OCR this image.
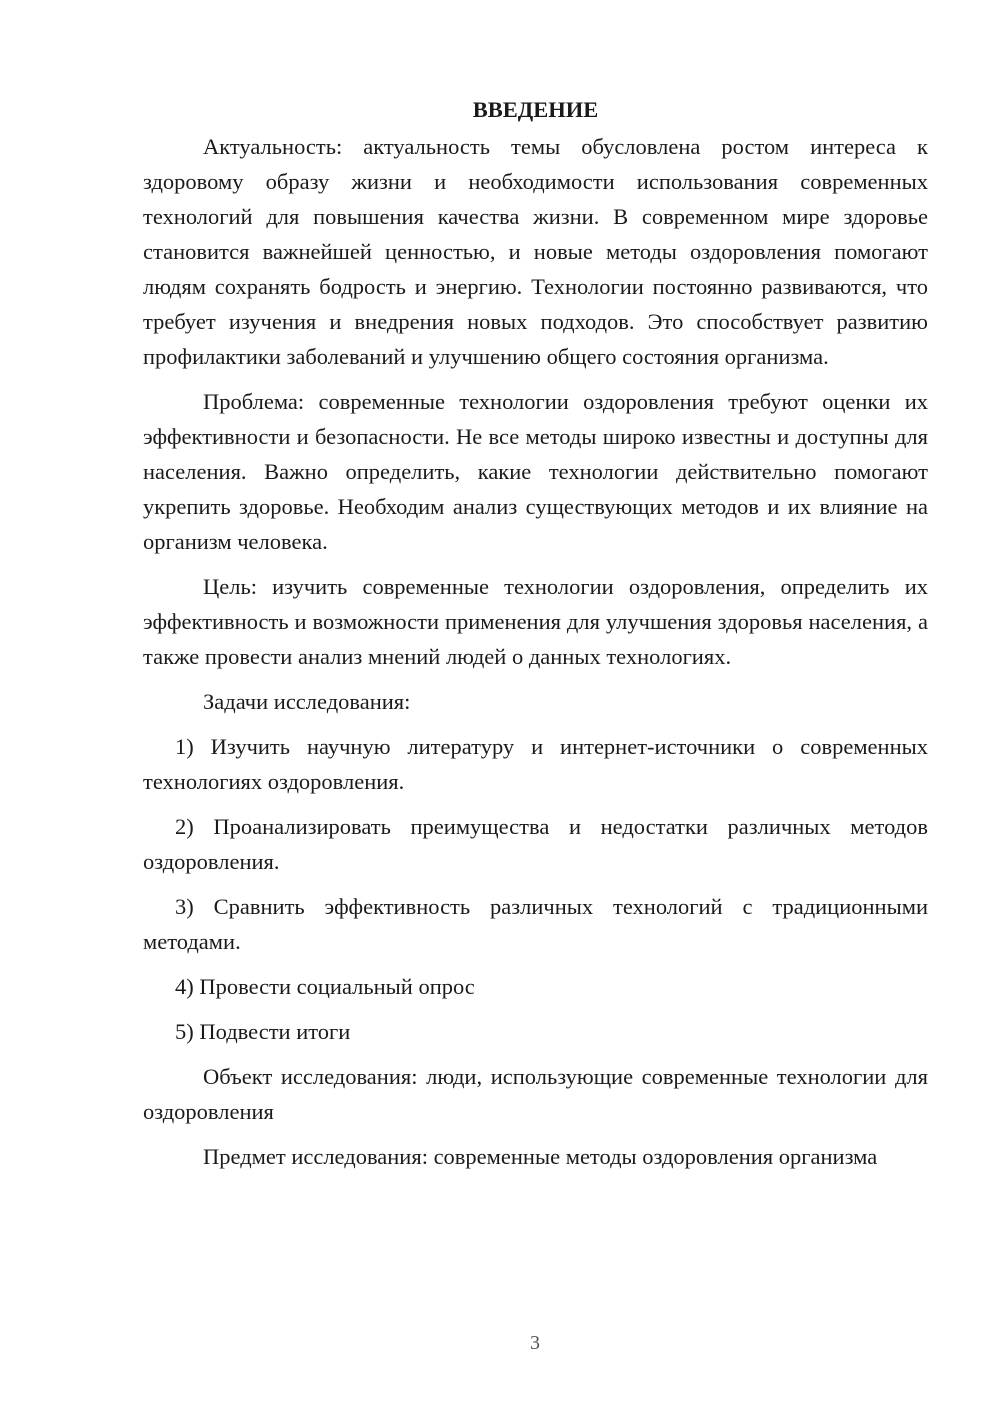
ВВЕДЕНИЕ

Актуальность: актуальность темы обусловлена ростом интереса к здоровому образу жизни и необходимости использования современных технологий для повышения качества жизни. В современном мире здоровье становится важнейшей ценностью, и новые методы оздоровления помогают людям сохранять бодрость и энергию. Технологии постоянно развиваются, что требует изучения и внедрения новых подходов. Это способствует развитию профилактики заболеваний и улучшению общего состояния организма.

Проблема: современные технологии оздоровления требуют оценки их эффективности и безопасности. Не все методы широко известны и доступны для населения. Важно определить, какие технологии действительно помогают укрепить здоровье. Необходим анализ существующих методов и их влияние на организм человека.

Цель: изучить современные технологии оздоровления, определить их эффективность и возможности применения для улучшения здоровья населения, а также провести анализ мнений людей о данных технологиях.

Задачи исследования:

1) Изучить научную литературу и интернет-источники о современных технологиях оздоровления.

2) Проанализировать преимущества и недостатки различных методов оздоровления.

3) Сравнить эффективность различных технологий с традиционными методами.

4) Провести социальный опрос

5) Подвести итоги

Объект исследования: люди, использующие современные технологии для оздоровления

Предмет исследования: современные методы оздоровления организма

3
